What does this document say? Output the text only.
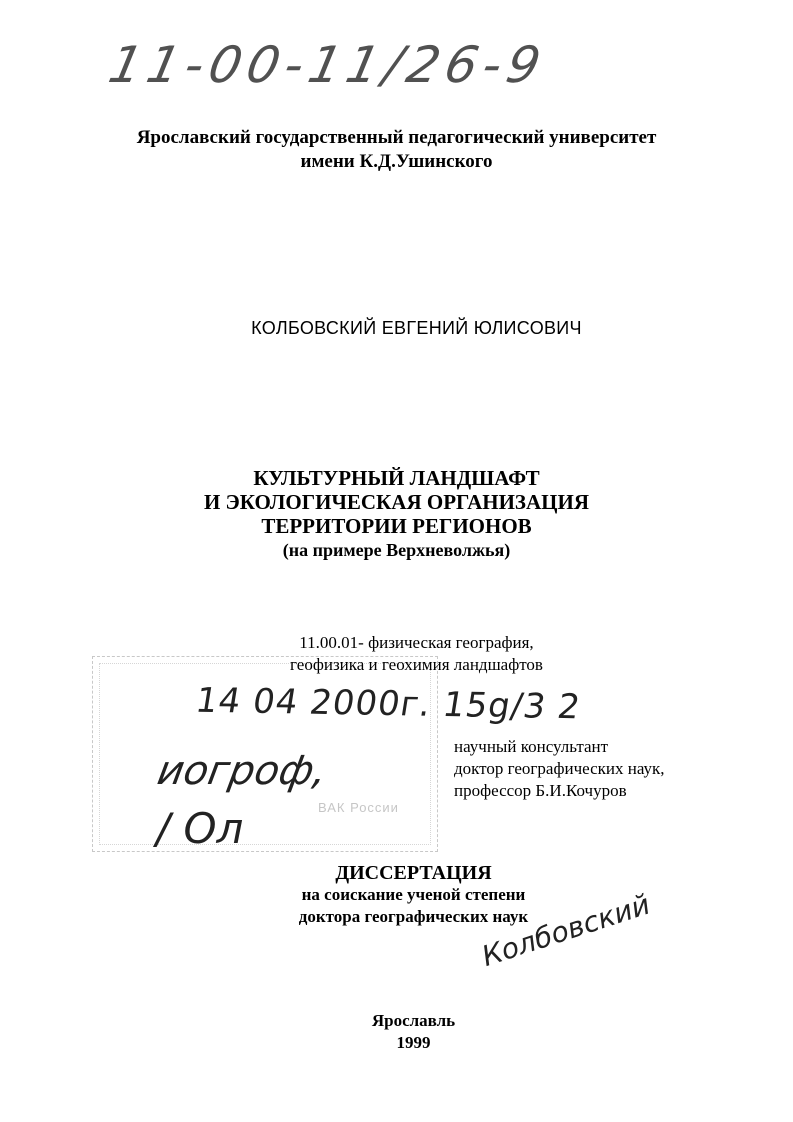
11-00-11/26-9
Ярославский государственный педагогический университет
имени К.Д.Ушинского
КОЛБОВСКИЙ ЕВГЕНИЙ ЮЛИСОВИЧ
КУЛЬТУРНЫЙ ЛАНДШАФТ
И ЭКОЛОГИЧЕСКАЯ ОРГАНИЗАЦИЯ
ТЕРРИТОРИИ РЕГИОНОВ
(на примере Верхневолжья)
ВАК России
11.00.01- физическая география,
геофизика и геохимия ландшафтов
14 04 2000г. 15g/3 2
иогроф,
/ Ол
научный консультант
доктор географических наук,
профессор Б.И.Кочуров
ДИССЕРТАЦИЯ
на соискание ученой степени
доктора географических наук
Колбовский
Ярославль
1999
